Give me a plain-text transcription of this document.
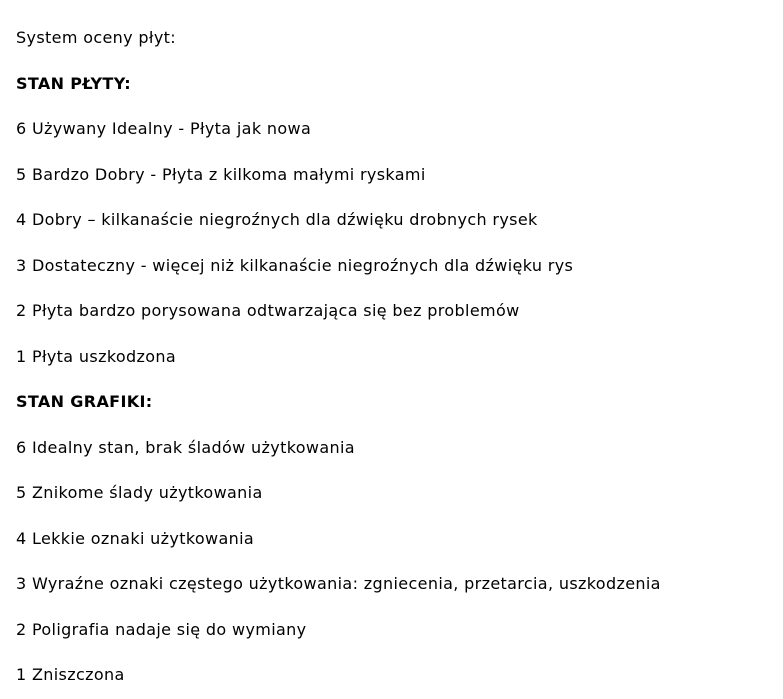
System oceny płyt:

STAN PŁYTY:

6 Używany Idealny - Płyta jak nowa

5 Bardzo Dobry - Płyta z kilkoma małymi ryskami

4 Dobry – kilkanaście niegroźnych dla dźwięku drobnych rysek

3 Dostateczny - więcej niż kilkanaście niegroźnych dla dźwięku rys

2 Płyta bardzo porysowana odtwarzająca się bez problemów

1 Płyta uszkodzona

STAN GRAFIKI:

6 Idealny stan, brak śladów użytkowania

5 Znikome ślady użytkowania

4 Lekkie oznaki użytkowania

3 Wyraźne oznaki częstego użytkowania: zgniecenia, przetarcia, uszkodzenia

2 Poligrafia nadaje się do wymiany

1 Zniszczona
